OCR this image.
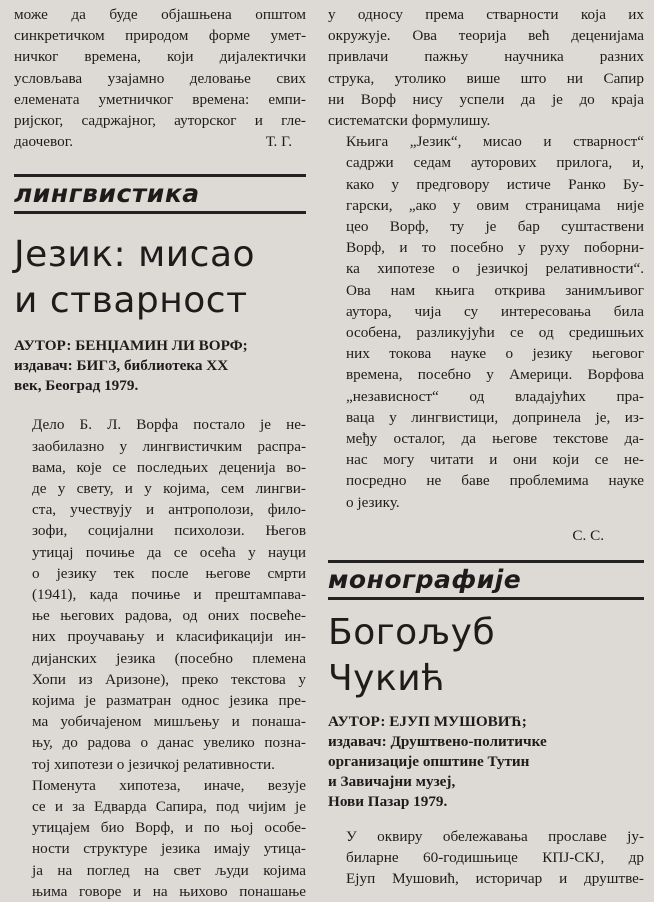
може да буде објашњена општом
синкретичком природом форме умет-
ничког времена, који дијалектички
условљава узајамно деловање свих
елемената уметничког времена: емпи-
ријског, садржајног, ауторског и гле-
даочевог.	Т. Г.
лингвистика
Језик: мисао
и стварност
АУТОР: БЕНЏАМИН ЛИ ВОРФ;
издавач: БИГЗ, библиотека XX
век, Београд 1979.
Дело Б. Л. Ворфа постало је не-
заобилазно у лингвистичким распра-
вама, које се последњих деценија во-
де у свету, и у којима, сем лингви-
ста, учествују и антрополози, фило-
зофи, социјални психолози. Његов
утицај почиње да се осећа у науци
о језику тек после његове смрти
(1941), када почиње и прештампава-
ње његових радова, од оних посвеће-
них проучавању и класификацији ин-
дијанских језика (посебно племена
Хопи из Аризоне), преко текстова у
којима је разматран однос језика пре-
ма уобичајеном мишљењу и понаша-
њу, до радова о данас увелико позна-
тој хипотези о језичкој релативности.
Поменута хипотеза, иначе, везује
се и за Едварда Сапира, под чијим је
утицајем био Ворф, и по њој особе-
ности структуре језика имају утица-
ја на поглед на свет људи којима
њима говоре и на њихово понашање
у односу према стварности која их
окружује. Ова теорија већ деценијама
привлачи пажњу научника разних
струка, утолико више што ни Сапир
ни Ворф нису успели да је до краја
систематски формулишу.
Књига „Језик“, мисао и стварност“
садржи седам ауторових прилога, и,
како у предговору истиче Ранко Бу-
гарски, „ако у овим страницама није
цео Ворф, ту је бар суштаствени
Ворф, и то посебно у руху поборни-
ка хипотезе о језичкој релативности“.
Ова нам књига открива занимљивог
аутора, чија су интересовања била
особена, разликујући се од средишњих
них токова науке о језику његовог
времена, посебно у Америци. Ворфова
„независност“ од владајућих пра-
ваца у лингвистици, допринела је, из-
међу осталог, да његове текстове да-
нас могу читати и они који се не-
посредно не баве проблемима науке
о језику.
С. С.
монографије
Богољуб
Чукић
АУТОР: ЕЈУП МУШОВИЋ;
издавач: Друштвено-политичке
организације општине Тутин
и Завичајни музеј,
Нови Пазар 1979.
У оквиру обележавања прославе ју-
биларне 60-годишњице КПЈ-СКЈ, др
Ејуп Мушовић, историчар и друштве-
